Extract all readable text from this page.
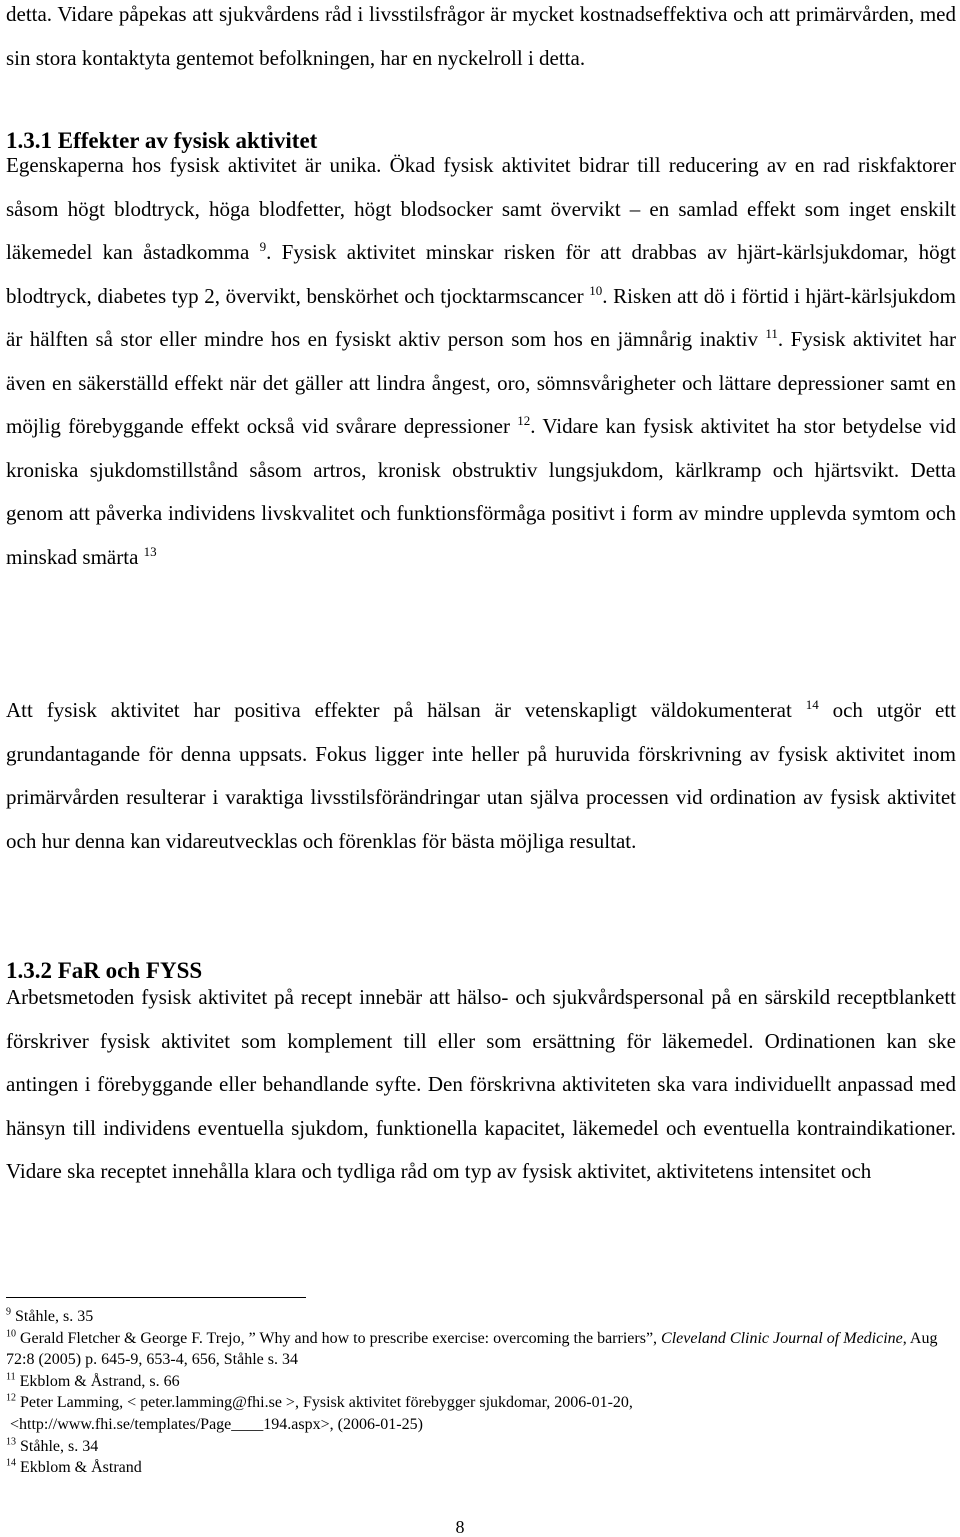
detta. Vidare påpekas att sjukvårdens råd i livsstilsfrågor är mycket kostnadseffektiva och att primärvården, med sin stora kontaktyta gentemot befolkningen, har en nyckelroll i detta.

1.3.1 Effekter av fysisk aktivitet

Egenskaperna hos fysisk aktivitet är unika. Ökad fysisk aktivitet bidrar till reducering av en rad riskfaktorer såsom högt blodtryck, höga blodfetter, högt blodsocker samt övervikt – en samlad effekt som inget enskilt läkemedel kan åstadkomma $^9$. Fysisk aktivitet minskar risken för att drabbas av hjärt-kärlsjukdomar, högt blodtryck, diabetes typ 2, övervikt, benskörhet och tjocktarmscancer $^{10}$. Risken att dö i förtid i hjärt-kärlsjukdom är hälften så stor eller mindre hos en fysiskt aktiv person som hos en jämnårig inaktiv $^{11}$. Fysisk aktivitet har även en säkerställd effekt när det gäller att lindra ångest, oro, sömnsvårigheter och lättare depressioner samt en möjlig förebyggande effekt också vid svårare depressioner $^{12}$. Vidare kan fysisk aktivitet ha stor betydelse vid kroniska sjukdomstillstånd såsom artros, kronisk obstruktiv lungsjukdom, kärlkramp och hjärtsvikt. Detta genom att påverka individens livskvalitet och funktionsförmåga positivt i form av mindre upplevda symtom och minskad smärta $^{13}$

Att fysisk aktivitet har positiva effekter på hälsan är vetenskapligt väldokumenterat $^{14}$ och utgör ett grundantagande för denna uppsats. Fokus ligger inte heller på huruvida förskrivning av fysisk aktivitet inom primärvården resulterar i varaktiga livsstilsförändringar utan själva processen vid ordination av fysisk aktivitet och hur denna kan vidareutvecklas och förenklas för bästa möjliga resultat.

1.3.2 FaR och FYSS

Arbetsmetoden fysisk aktivitet på recept innebär att hälso- och sjukvårdspersonal på en särskild receptblankett förskriver fysisk aktivitet som komplement till eller som ersättning för läkemedel. Ordinationen kan ske antingen i förebyggande eller behandlande syfte. Den förskrivna aktiviteten ska vara individuellt anpassad med hänsyn till individens eventuella sjukdom, funktionella kapacitet, läkemedel och eventuella kontraindikationer. Vidare ska receptet innehålla klara och tydliga råd om typ av fysisk aktivitet, aktivitetens intensitet och

$^9$ Ståhle, s. 35

$^{10}$ Gerald Fletcher & George F. Trejo, ” Why and how to prescribe exercise: overcoming the barriers”, Cleveland Clinic Journal of Medicine, Aug 72:8 (2005) p. 645-9, 653-4, 656, Ståhle s. 34

$^{11}$ Ekblom & Åstrand, s. 66

$^{12}$ Peter Lamming, < peter.lamming@fhi.se >, Fysisk aktivitet förebygger sjukdomar, 2006-01-20,

<http://www.fhi.se/templates/Page____194.aspx>, (2006-01-25)

$^{13}$ Ståhle, s. 34

$^{14}$ Ekblom & Åstrand

8
